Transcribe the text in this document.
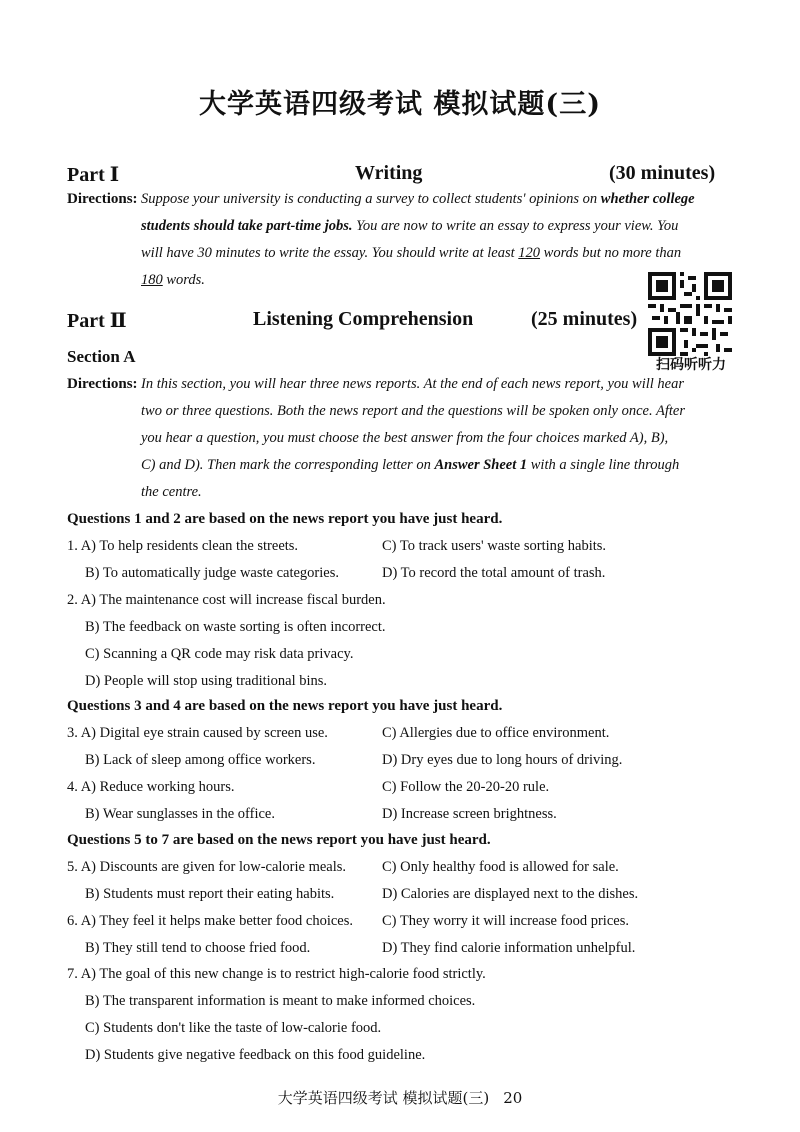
大学英语四级考试 模拟试题(三)
Part Ⅰ	Writing	(30 minutes)
Directions: Suppose your university is conducting a survey to collect students' opinions on whether college
students should take part-time jobs. You are now to write an essay to express your view. You
will have 30 minutes to write the essay. You should write at least 120 words but no more than
180 words.
扫码听听力
Part Ⅱ	Listening Comprehension	(25 minutes)
Section A
Directions: In this section, you will hear three news reports. At the end of each news report, you will hear
two or three questions. Both the news report and the questions will be spoken only once. After
you hear a question, you must choose the best answer from the four choices marked A), B),
C) and D). Then mark the corresponding letter on Answer Sheet 1 with a single line through
the centre.
Questions 1 and 2 are based on the news report you have just heard.
1. A) To help residents clean the streets.	C) To track users' waste sorting habits.
B) To automatically judge waste categories.	D) To record the total amount of trash.
2. A) The maintenance cost will increase fiscal burden.
B) The feedback on waste sorting is often incorrect.
C) Scanning a QR code may risk data privacy.
D) People will stop using traditional bins.
Questions 3 and 4 are based on the news report you have just heard.
3. A) Digital eye strain caused by screen use.	C) Allergies due to office environment.
B) Lack of sleep among office workers.	D) Dry eyes due to long hours of driving.
4. A) Reduce working hours.	C) Follow the 20-20-20 rule.
B) Wear sunglasses in the office.	D) Increase screen brightness.
Questions 5 to 7 are based on the news report you have just heard.
5. A) Discounts are given for low-calorie meals. C) Only healthy food is allowed for sale.
B) Students must report their eating habits.	D) Calories are displayed next to the dishes.
6. A) They feel it helps make better food choices. C) They worry it will increase food prices.
B) They still tend to choose fried food.	D) They find calorie information unhelpful.
7. A) The goal of this new change is to restrict high-calorie food strictly.
B) The transparent information is meant to make informed choices.
C) Students don't like the taste of low-calorie food.
D) Students give negative feedback on this food guideline.
大学英语四级考试 模拟试题(三) 20
